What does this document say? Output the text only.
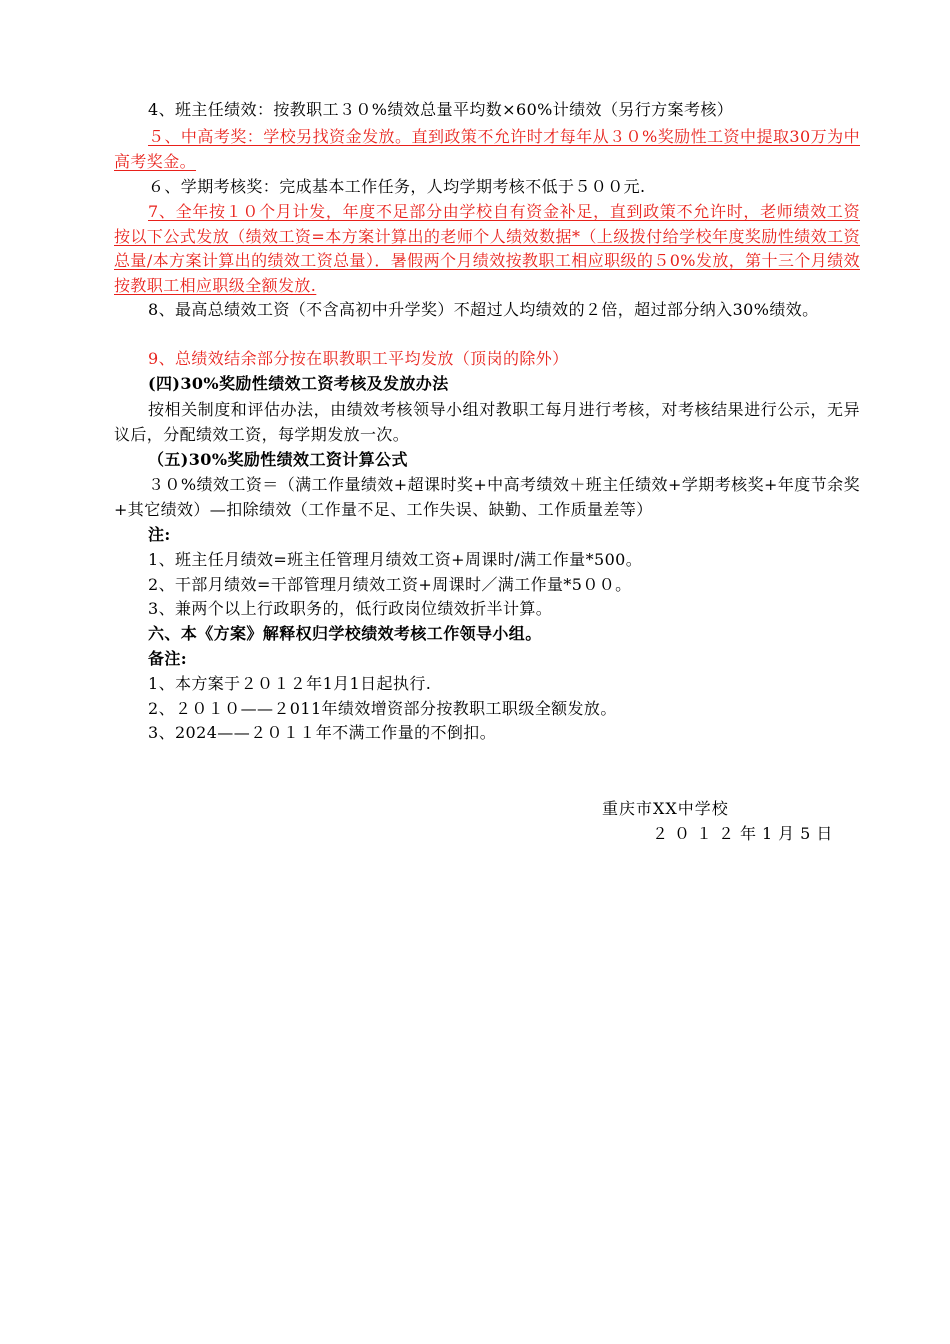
4、班主任绩效：按教职工３０%绩效总量平均数×60%计绩效（另行方案考核）
５、中高考奖：学校另找资金发放。直到政策不允许时才每年从３０%奖励性工资中提取30万为中高考奖金。
６、学期考核奖：完成基本工作任务，人均学期考核不低于５００元.
7、全年按１０个月计发，年度不足部分由学校自有资金补足，直到政策不允许时，老师绩效工资按以下公式发放（绩效工资=本方案计算出的老师个人绩效数据*（上级拨付给学校年度奖励性绩效工资总量/本方案计算出的绩效工资总量）．暑假两个月绩效按教职工相应职级的５0%发放，第十三个月绩效按教职工相应职级全额发放.
8、最高总绩效工资（不含高初中升学奖）不超过人均绩效的２倍，超过部分纳入30%绩效。
9、总绩效结余部分按在职教职工平均发放（顶岗的除外）
(四)30%奖励性绩效工资考核及发放办法
按相关制度和评估办法，由绩效考核领导小组对教职工每月进行考核，对考核结果进行公示，无异议后，分配绩效工资，每学期发放一次。
（五)30%奖励性绩效工资计算公式
３０%绩效工资＝（满工作量绩效+超课时奖+中高考绩效＋班主任绩效+学期考核奖+年度节余奖+其它绩效）—扣除绩效（工作量不足、工作失误、缺勤、工作质量差等）
注:
1、班主任月绩效=班主任管理月绩效工资+周课时/满工作量*500。
2、干部月绩效=干部管理月绩效工资+周课时／满工作量*5００。
3、兼两个以上行政职务的，低行政岗位绩效折半计算。
六、本《方案》解释权归学校绩效考核工作领导小组。
备注:
1、本方案于２０１２年1月1日起执行.
2、２０１０——２011年绩效增资部分按教职工职级全额发放。
3、2024——２０１１年不满工作量的不倒扣。
重庆市XX中学校
２０１２年1月5日
